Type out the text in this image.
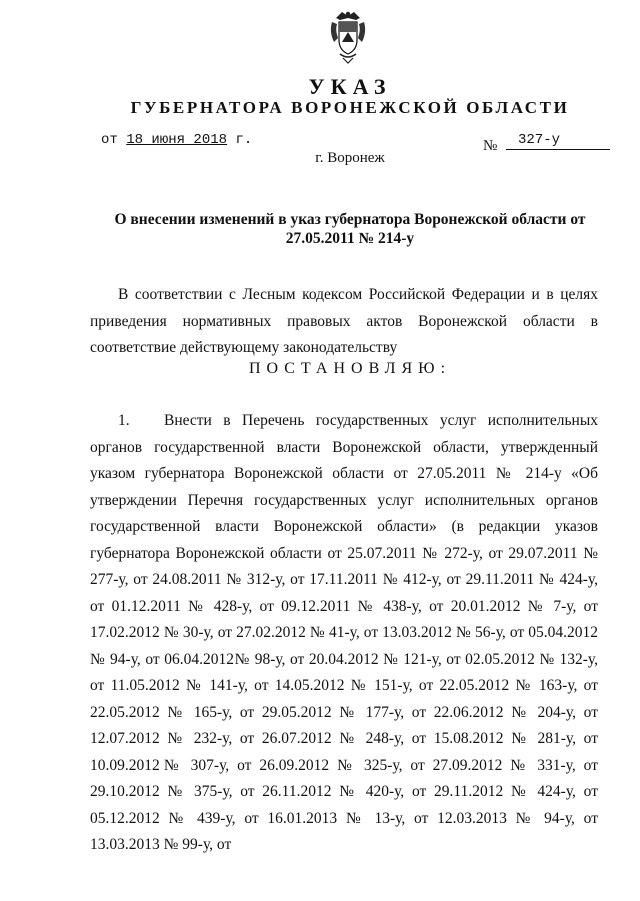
УКАЗ
ГУБЕРНАТОРА ВОРОНЕЖСКОЙ ОБЛАСТИ
от 18 июня 2018 г.	№	327-у
г. Воронеж
О внесении изменений в указ губернатора Воронежской области от 27.05.2011 № 214-у

В соответствии с Лесным кодексом Российской Федерации и в целях приведения нормативных правовых актов Воронежской области в соответствие действующему законодательству

ПОСТАНОВЛЯЮ:

1. Внести в Перечень государственных услуг исполнительных органов государственной власти Воронежской области, утвержденный указом губернатора Воронежской области от 27.05.2011 № 214-у «Об утверждении Перечня государственных услуг исполнительных органов государственной власти Воронежской области» (в редакции указов губернатора Воронежской области от 25.07.2011 № 272-у, от 29.07.2011 № 277-у, от 24.08.2011 № 312-у, от 17.11.2011 № 412-у, от 29.11.2011 № 424-у, от 01.12.2011 № 428-у, от 09.12.2011 № 438-у, от 20.01.2012 № 7-у, от 17.02.2012 № 30-у, от 27.02.2012 № 41-у, от 13.03.2012 № 56-у, от 05.04.2012 № 94-у, от 06.04.2012№ 98-у, от 20.04.2012 № 121-у, от 02.05.2012 № 132-у, от 11.05.2012 № 141-у, от 14.05.2012 № 151-у, от 22.05.2012 № 163-у, от 22.05.2012 № 165-у, от 29.05.2012 № 177-у, от 22.06.2012 № 204-у, от 12.07.2012 № 232-у, от 26.07.2012 № 248-у, от 15.08.2012 № 281-у, от 10.09.2012№ 307-у, от 26.09.2012 № 325-у, от 27.09.2012 № 331-у, от 29.10.2012 № 375-у, от 26.11.2012 № 420-у, от 29.11.2012 № 424-у, от 05.12.2012 № 439-у, от 16.01.2013 № 13-у, от 12.03.2013 № 94-у, от 13.03.2013 № 99-у, от
